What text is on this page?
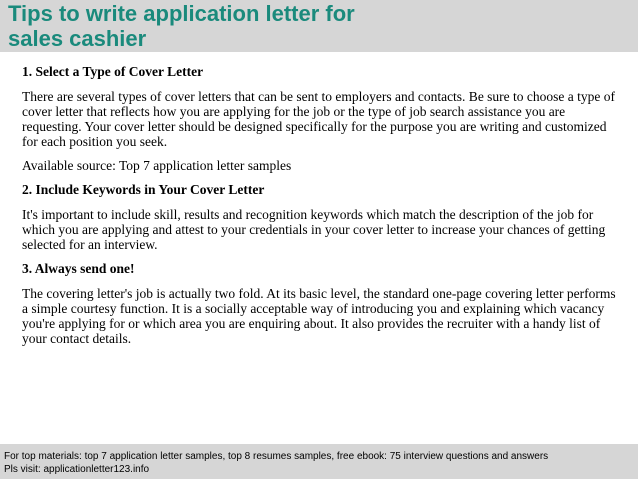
Tips to write application letter for
sales cashier
1. Select a Type of Cover Letter

There are several types of cover letters that can be sent to employers and contacts. Be sure to choose a type of cover letter that reflects how you are applying for the job or the type of job search assistance you are requesting. Your cover letter should be designed specifically for the purpose you are writing and customized for each position you seek.

Available source: Top 7 application letter samples

2. Include Keywords in Your Cover Letter

It's important to include skill, results and recognition keywords which match the description of the job for which you are applying and attest to your credentials in your cover letter to increase your chances of getting selected for an interview.

3. Always send one!

The covering letter's job is actually two fold. At its basic level, the standard one-page covering letter performs a simple courtesy function. It is a socially acceptable way of introducing you and explaining which vacancy you're applying for or which area you are enquiring about. It also provides the recruiter with a handy list of your contact details.

For top materials: top 7 application letter samples, top 8 resumes samples, free ebook: 75 interview questions and answers
Pls visit: applicationletter123.info
